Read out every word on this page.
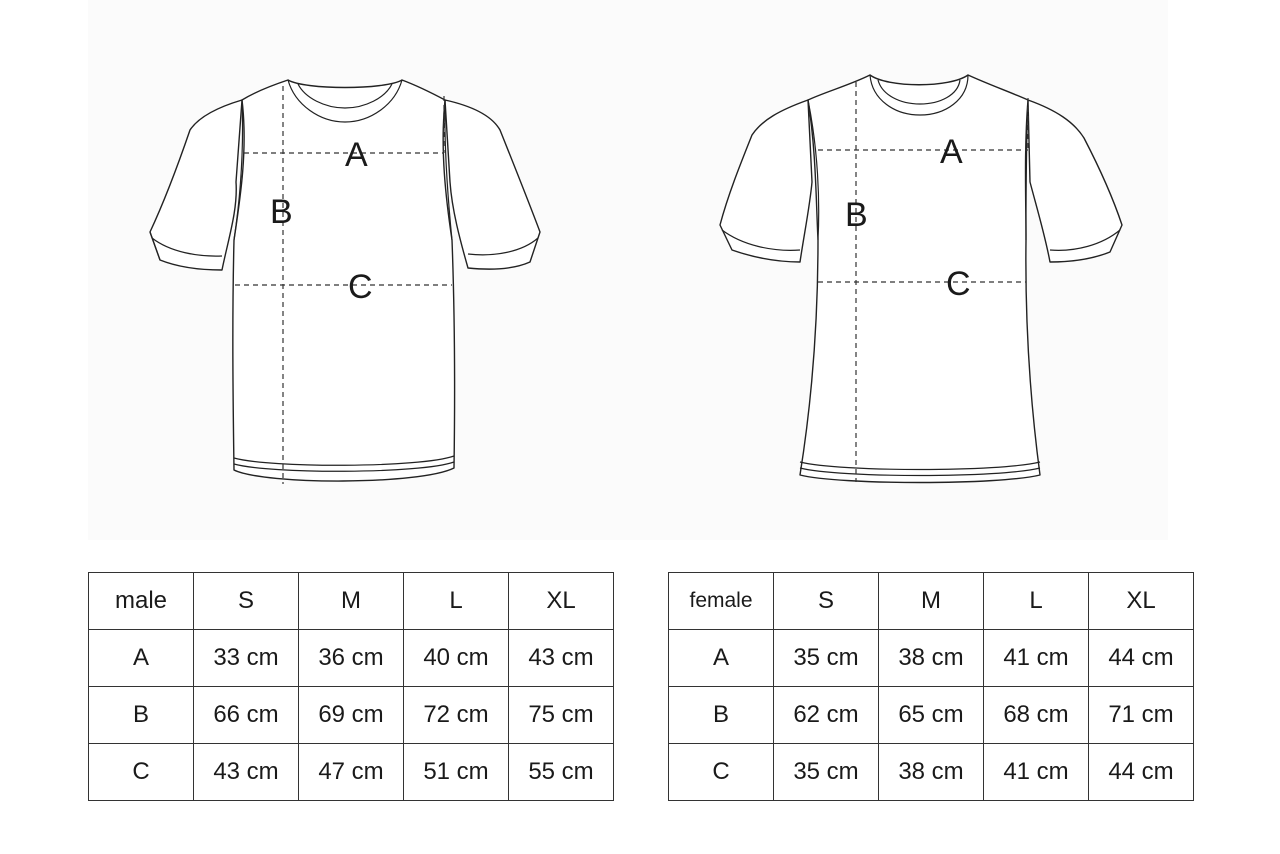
A
B
C
A
B
C
male	S	M	L	XL
A	33 cm	36 cm	40 cm	43 cm
B	66 cm	69 cm	72 cm	75 cm
C	43 cm	47 cm	51 cm	55 cm
female	S	M	L	XL
A	35 cm	38 cm	41 cm	44 cm
B	62 cm	65 cm	68 cm	71 cm
C	35 cm	38 cm	41 cm	44 cm
